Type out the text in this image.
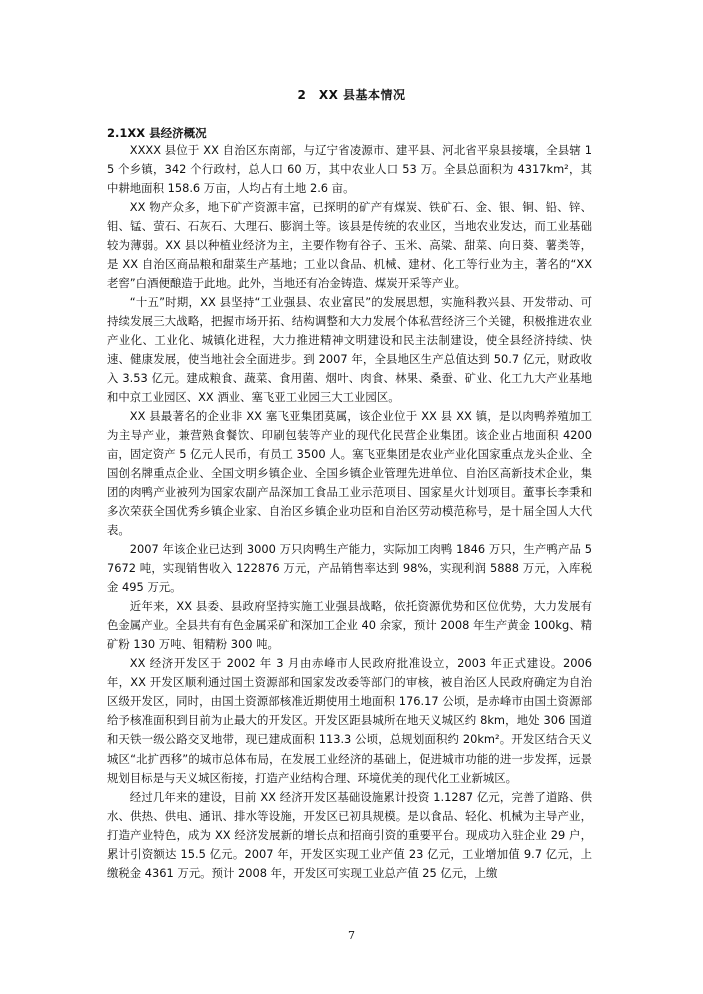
2　XX 县基本情况
2.1XX 县经济概况

XXXX 县位于 XX 自治区东南部，与辽宁省凌源市、建平县、河北省平泉县接壤，全县辖 15 个乡镇，342 个行政村，总人口 60 万，其中农业人口 53 万。全县总面积为 4317km²，其中耕地面积 158.6 万亩，人均占有土地 2.6 亩。

XX 物产众多，地下矿产资源丰富，已探明的矿产有煤炭、铁矿石、金、银、铜、铅、锌、钼、锰、萤石、石灰石、大理石、膨润土等。该县是传统的农业区，当地农业发达，而工业基础较为薄弱。XX 县以种植业经济为主，主要作物有谷子、玉米、高粱、甜菜、向日葵、薯类等，是 XX 自治区商品粮和甜菜生产基地；工业以食品、机械、建材、化工等行业为主，著名的“XX 老窖”白酒便酿造于此地。此外，当地还有冶金铸造、煤炭开采等产业。

“十五”时期，XX 县坚持“工业强县、农业富民”的发展思想，实施科教兴县、开发带动、可持续发展三大战略，把握市场开拓、结构调整和大力发展个体私营经济三个关键，积极推进农业产业化、工业化、城镇化进程，大力推进精神文明建设和民主法制建设，使全县经济持续、快速、健康发展，使当地社会全面进步。到 2007 年，全县地区生产总值达到 50.7 亿元，财政收入 3.53 亿元。建成粮食、蔬菜、食用菌、烟叶、肉食、林果、桑蚕、矿业、化工九大产业基地和中京工业园区、XX 酒业、塞飞亚工业园三大工业园区。

XX 县最著名的企业非 XX 塞飞亚集团莫属，该企业位于 XX 县 XX 镇，是以肉鸭养殖加工为主导产业，兼营熟食餐饮、印刷包装等产业的现代化民营企业集团。该企业占地面积 4200 亩，固定资产 5 亿元人民币，有员工 3500 人。塞飞亚集团是农业产业化国家重点龙头企业、全国创名牌重点企业、全国文明乡镇企业、全国乡镇企业管理先进单位、自治区高新技术企业，集团的肉鸭产业被列为国家农副产品深加工食品工业示范项目、国家星火计划项目。董事长李秉和多次荣获全国优秀乡镇企业家、自治区乡镇企业功臣和自治区劳动模范称号，是十届全国人大代表。

2007 年该企业已达到 3000 万只肉鸭生产能力，实际加工肉鸭 1846 万只，生产鸭产品 57672 吨，实现销售收入 122876 万元，产品销售率达到 98%，实现利润 5888 万元，入库税金 495 万元。

近年来，XX 县委、县政府坚持实施工业强县战略，依托资源优势和区位优势，大力发展有色金属产业。全县共有有色金属采矿和深加工企业 40 余家，预计 2008 年生产黄金 100kg、精矿粉 130 万吨、钼精粉 300 吨。

XX 经济开发区于 2002 年 3 月由赤峰市人民政府批准设立，2003 年正式建设。2006 年，XX 开发区顺利通过国土资源部和国家发改委等部门的审核，被自治区人民政府确定为自治区级开发区，同时，由国土资源部核准近期使用土地面积 176.17 公顷，是赤峰市由国土资源部给予核准面积到目前为止最大的开发区。开发区距县城所在地天义城区约 8km，地处 306 国道和天铁一级公路交叉地带，现已建成面积 113.3 公顷，总规划面积约 20km²。开发区结合天义城区“北扩西移”的城市总体布局，在发展工业经济的基础上，促进城市功能的进一步发挥，远景规划目标是与天义城区衔接，打造产业结构合理、环境优美的现代化工业新城区。

经过几年来的建设，目前 XX 经济开发区基础设施累计投资 1.1287 亿元，完善了道路、供水、供热、供电、通讯、排水等设施，开发区已初具规模。是以食品、轻化、机械为主导产业，打造产业特色，成为 XX 经济发展新的增长点和招商引资的重要平台。现成功入驻企业 29 户，累计引资额达 15.5 亿元。2007 年，开发区实现工业产值 23 亿元，工业增加值 9.7 亿元，上缴税金 4361 万元。预计 2008 年，开发区可实现工业总产值 25 亿元，上缴

7
